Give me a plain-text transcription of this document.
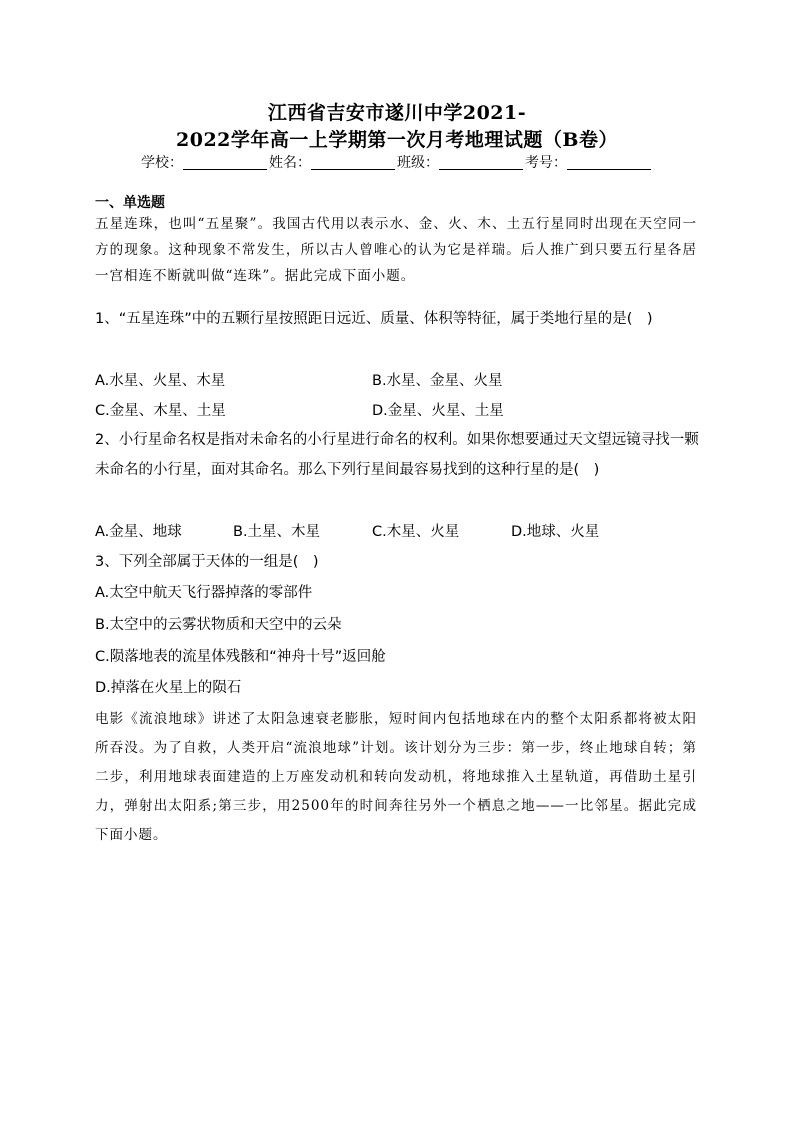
江西省吉安市遂川中学2021-
2022学年高一上学期第一次月考地理试题（B卷）
学校：	姓名：	班级：	考号：
一、单选题
五星连珠，也叫“五星聚”。我国古代用以表示水、金、火、木、土五行星同时出现在天空同一方的现象。这种现象不常发生，所以古人曾唯心的认为它是祥瑞。后人推广到只要五行星各居一宫相连不断就叫做“连珠”。据此完成下面小题。
1、“五星连珠”中的五颗行星按照距日远近、质量、体积等特征，属于类地行星的是(　)
A.水星、火星、木星	B.水星、金星、火星
C.金星、木星、土星	D.金星、火星、土星
2、小行星命名权是指对未命名的小行星进行命名的权利。如果你想要通过天文望远镜寻找一颗未命名的小行星，面对其命名。那么下列行星间最容易找到的这种行星的是(　)
A.金星、地球	B.土星、木星	C.木星、火星	D.地球、火星
3、下列全部属于天体的一组是(　)
A.太空中航天飞行器掉落的零部件
B.太空中的云雾状物质和天空中的云朵
C.陨落地表的流星体残骸和“神舟十号”返回舱
D.掉落在火星上的陨石
电影《流浪地球》讲述了太阳急速衰老膨胀，短时间内包括地球在内的整个太阳系都将被太阳所吞没。为了自救，人类开启“流浪地球”计划。该计划分为三步：第一步，终止地球自转；第二步，利用地球表面建造的上万座发动机和转向发动机，将地球推入土星轨道，再借助土星引力，弹射出太阳系;第三步，用2500年的时间奔往另外一个栖息之地——一比邻星。据此完成下面小题。
